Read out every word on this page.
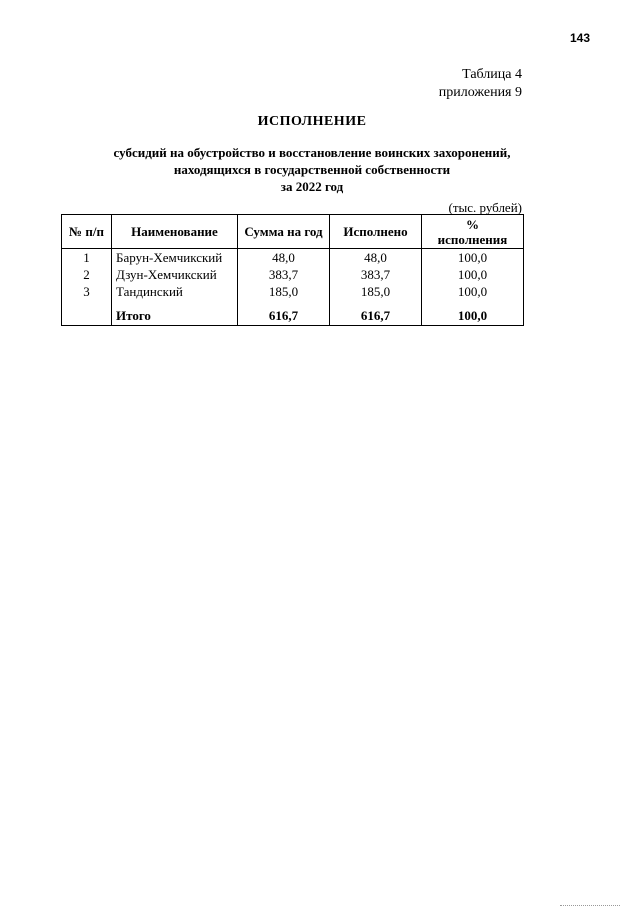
143
Таблица 4
приложения 9
ИСПОЛНЕНИЕ
субсидий на обустройство и восстановление воинских захоронений,
находящихся в государственной собственности
за 2022 год
(тыс. рублей)
№ п/п	Наименование	Сумма на год	Исполнено	%
исполнения

1	Барун-Хемчикский	48,0	48,0	100,0
2	Дзун-Хемчикский	383,7	383,7	100,0
3	Тандинский	185,0	185,0	100,0
	Итого	616,7	616,7	100,0
